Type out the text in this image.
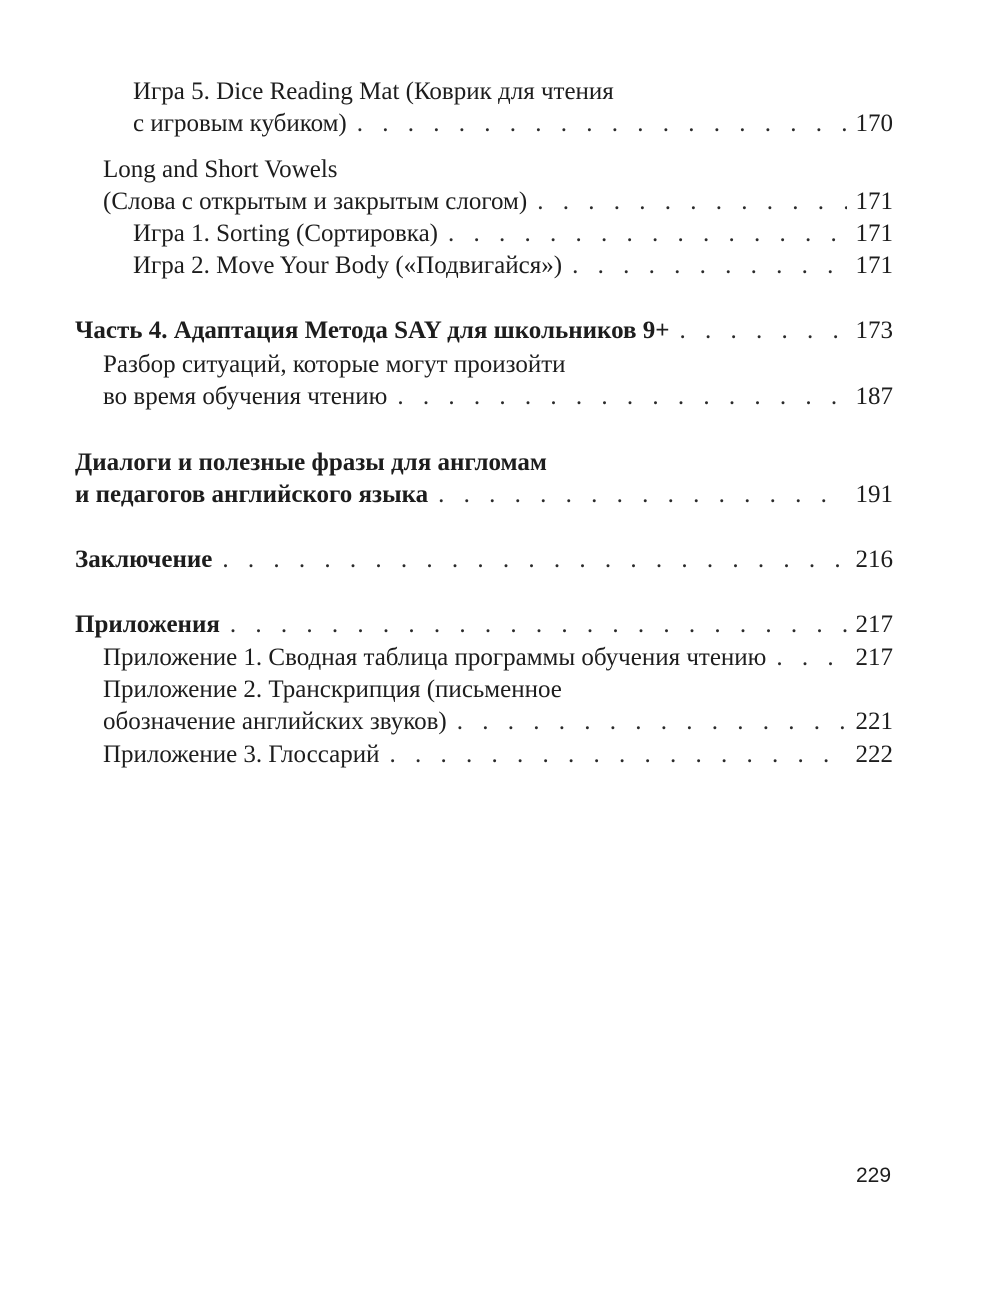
Игра 5. Dice Reading Mat (Коврик для чтения
с игровым кубиком) . . .	170
Long and Short Vowels
(Слова с открытым и закрытым слогом) . . .	171
Игра 1. Sorting (Сортировка) . . .	171
Игра 2. Move Your Body («Подвигайся») . . .	171
Часть 4. Адаптация Метода SAY для школьников 9+ . . .	173
Разбор ситуаций, которые могут произойти
во время обучения чтению . . .	187
Диалоги и полезные фразы для англомам
и педагогов английского языка . . .	191
Заключение . . .	216
Приложения . . .	217
Приложение 1. Сводная таблица программы обучения чтению . . .	217
Приложение 2. Транскрипция (письменное
обозначение английских звуков) . . .	221
Приложение 3. Глоссарий . . .	222
229
